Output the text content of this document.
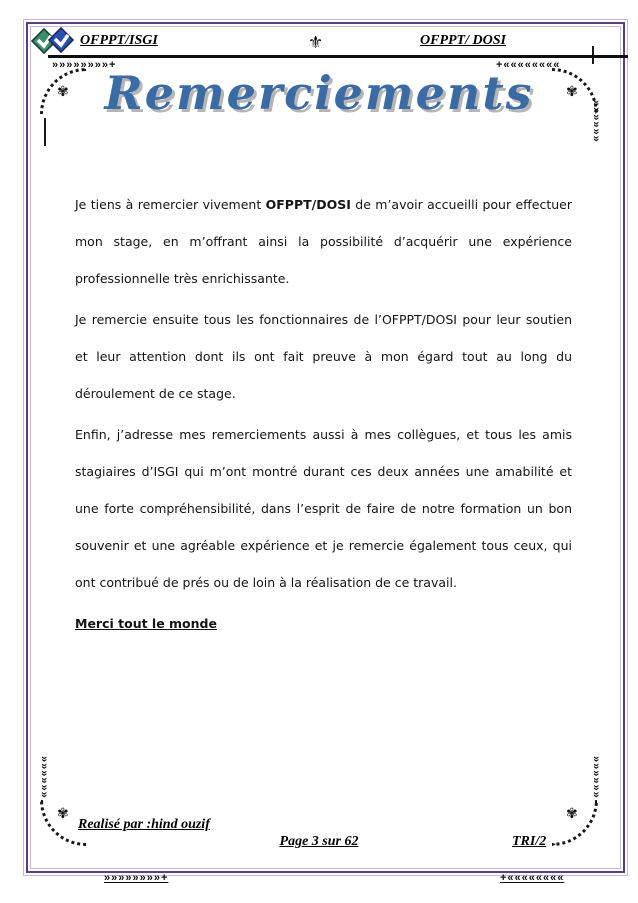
»»»»»»»»+	+««««««««
»»»»»»»»+	+««««««««
✾	✾
✾	✾
»»»»»»
»»»»»»	»»»»»»
OFPPT/ISGI	⚜	OFPPT/ DOSI
Remerciements

Je tiens à remercier vivement OFPPT/DOSI de m’avoir accueilli pour effectuer mon stage, en m’offrant ainsi la possibilité d’acquérir une expérience professionnelle très enrichissante.

Je remercie ensuite tous les fonctionnaires de l’OFPPT/DOSI pour leur soutien et leur attention dont ils ont fait preuve à mon égard tout au long du déroulement de ce stage.

Enfin, j’adresse mes remerciements aussi à mes collègues, et tous les amis stagiaires d’ISGI qui m’ont montré durant ces deux années une amabilité et une forte compréhensibilité, dans l’esprit de faire de notre formation un bon souvenir et une agréable expérience et je remercie également tous ceux, qui ont contribué de prés ou de loin à la réalisation de ce travail.

Merci tout le monde

Realisé par :hind ouzif
Page 3 sur 62	TRI/2
